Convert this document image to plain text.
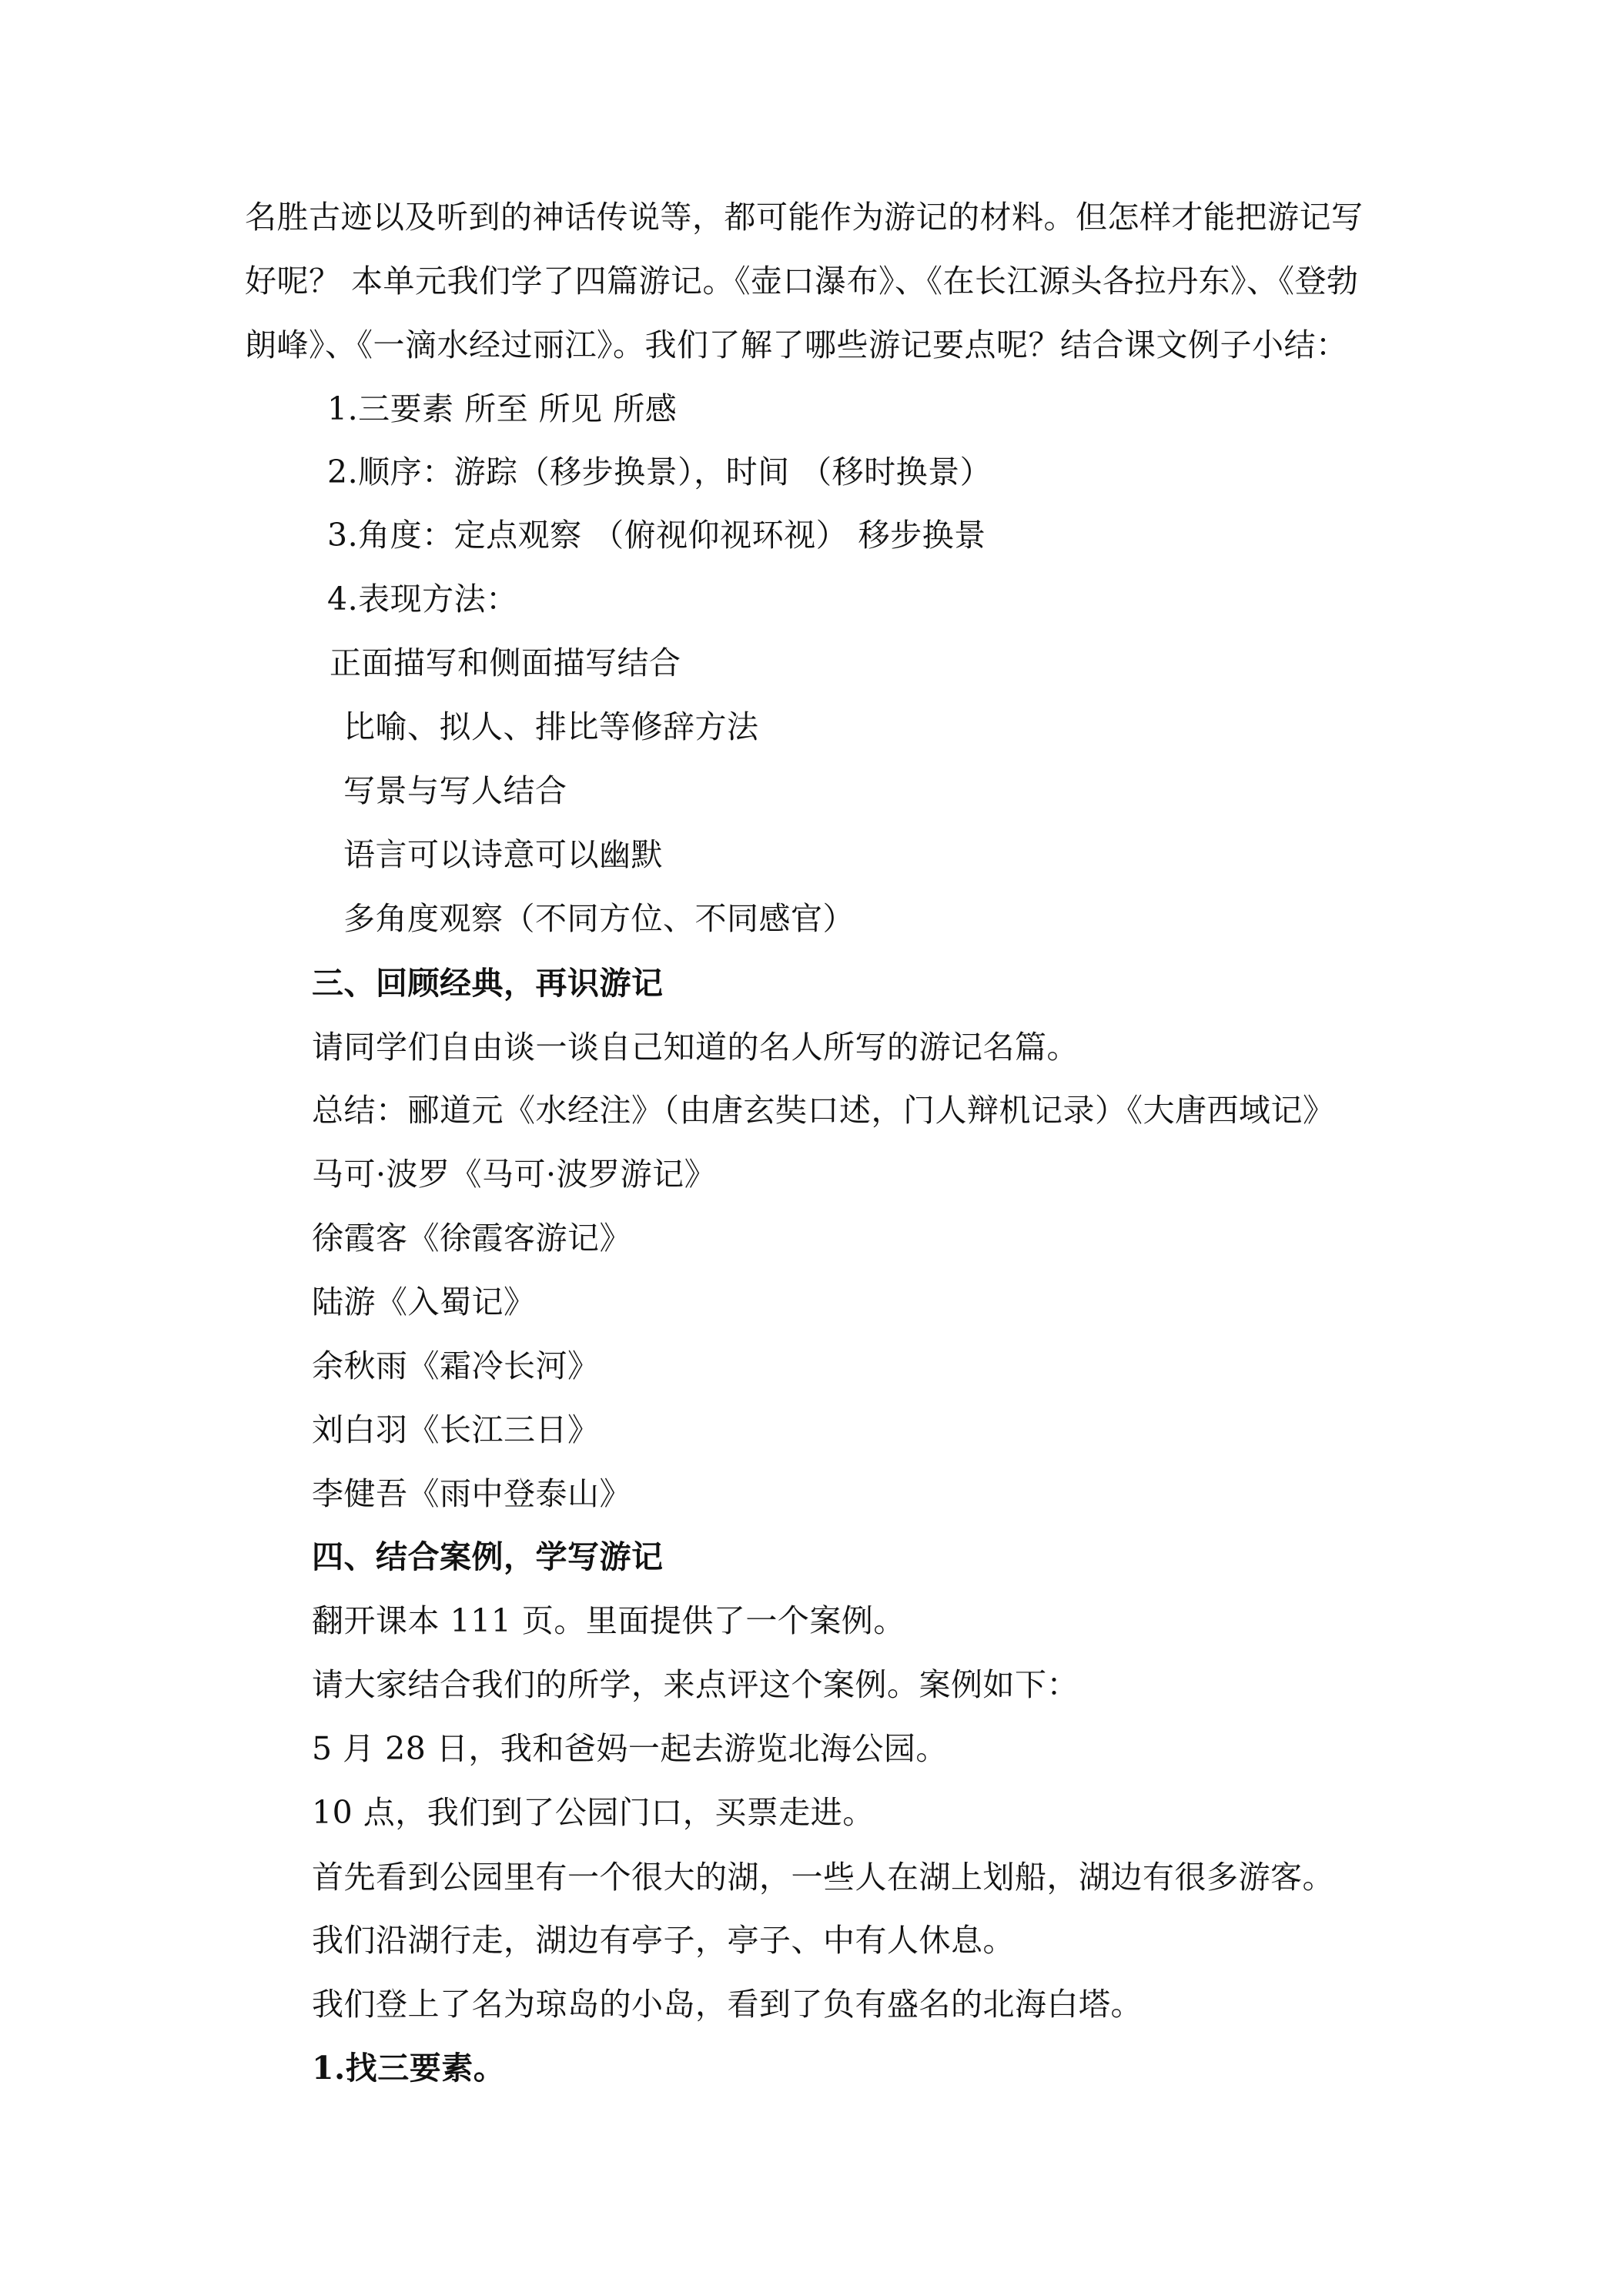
名胜古迹以及听到的神话传说等，都可能作为游记的材料。但怎样才能把游记写
好呢？ 本单元我们学了四篇游记。《壶口瀑布》、《在长江源头各拉丹东》、《登勃
朗峰》、《一滴水经过丽江》。我们了解了哪些游记要点呢？结合课文例子小结：
1.三要素 所至 所见 所感
2.顺序：游踪（移步换景），时间 （移时换景）
3.角度：定点观察 （俯视仰视环视） 移步换景
4.表现方法：
正面描写和侧面描写结合
比喻、拟人、排比等修辞方法
写景与写人结合
语言可以诗意可以幽默
多角度观察（不同方位、不同感官）
三、回顾经典，再识游记
请同学们自由谈一谈自己知道的名人所写的游记名篇。
总结：郦道元《水经注》（由唐玄奘口述，门人辩机记录）《大唐西域记》
马可·波罗《马可·波罗游记》
徐霞客《徐霞客游记》
陆游《入蜀记》
余秋雨《霜冷长河》
刘白羽《长江三日》
李健吾《雨中登泰山》
四、结合案例，学写游记
翻开课本 111 页。里面提供了一个案例。
请大家结合我们的所学，来点评这个案例。案例如下：
5 月 28 日，我和爸妈一起去游览北海公园。
10 点，我们到了公园门口，买票走进。
首先看到公园里有一个很大的湖，一些人在湖上划船，湖边有很多游客。
我们沿湖行走，湖边有亭子，亭子、中有人休息。
我们登上了名为琼岛的小岛，看到了负有盛名的北海白塔。
1.找三要素。
